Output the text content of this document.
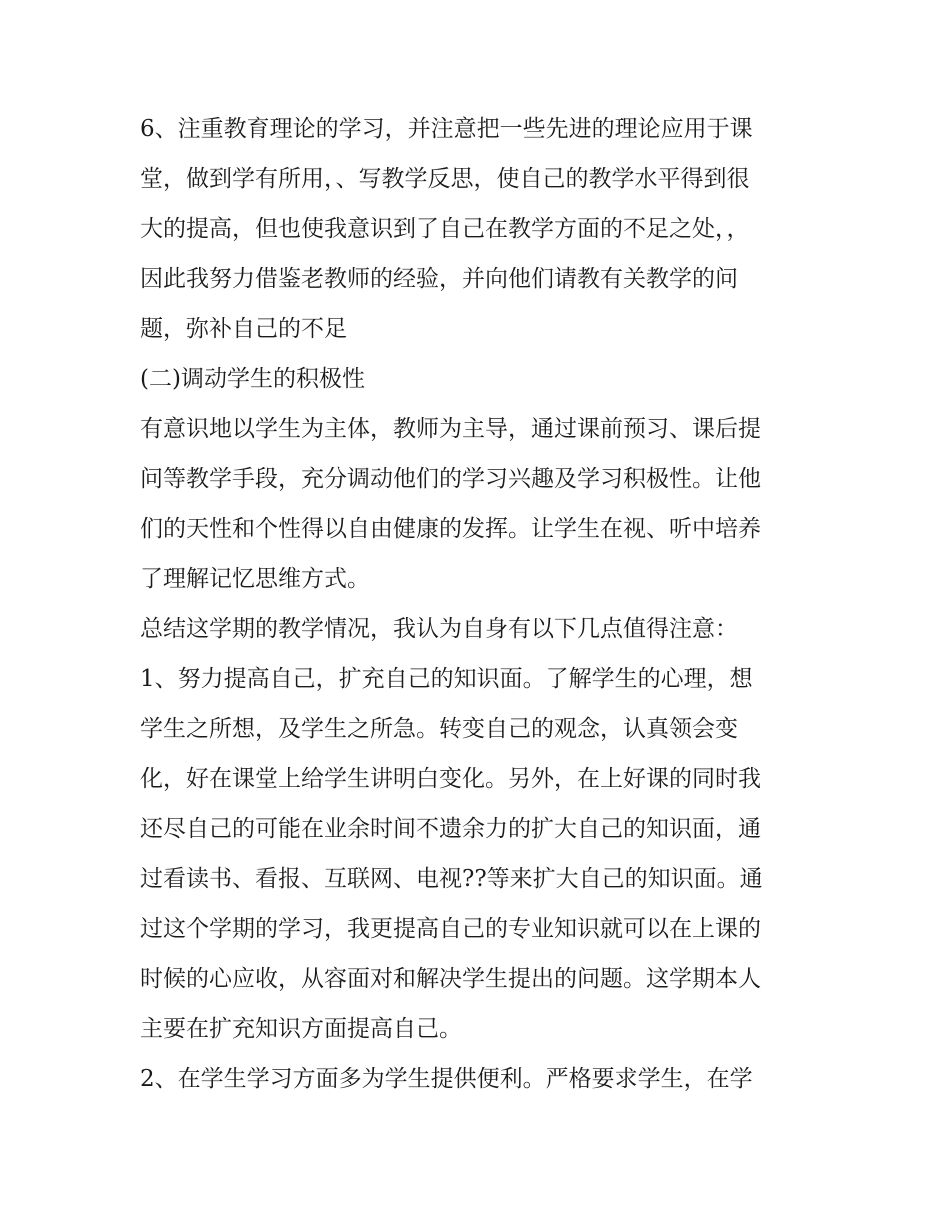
6、注重教育理论的学习，并注意把一些先进的理论应用于课
堂，做到学有所用，、写教学反思，使自己的教学水平得到很
大的提高，但也使我意识到了自己在教学方面的不足之处，，
因此我努力借鉴老教师的经验，并向他们请教有关教学的问
题，弥补自己的不足
(二)调动学生的积极性
有意识地以学生为主体，教师为主导，通过课前预习、课后提
问等教学手段，充分调动他们的学习兴趣及学习积极性。让他
们的天性和个性得以自由健康的发挥。让学生在视、听中培养
了理解记忆思维方式。
总结这学期的教学情况，我认为自身有以下几点值得注意：
1、努力提高自己，扩充自己的知识面。了解学生的心理，想
学生之所想，及学生之所急。转变自己的观念，认真领会变
化，好在课堂上给学生讲明白变化。另外，在上好课的同时我
还尽自己的可能在业余时间不遗余力的扩大自己的知识面，通
过看读书、看报、互联网、电视??等来扩大自己的知识面。通
过这个学期的学习，我更提高自己的专业知识就可以在上课的
时候的心应收，从容面对和解决学生提出的问题。这学期本人
主要在扩充知识方面提高自己。
2、在学生学习方面多为学生提供便利。严格要求学生，在学
